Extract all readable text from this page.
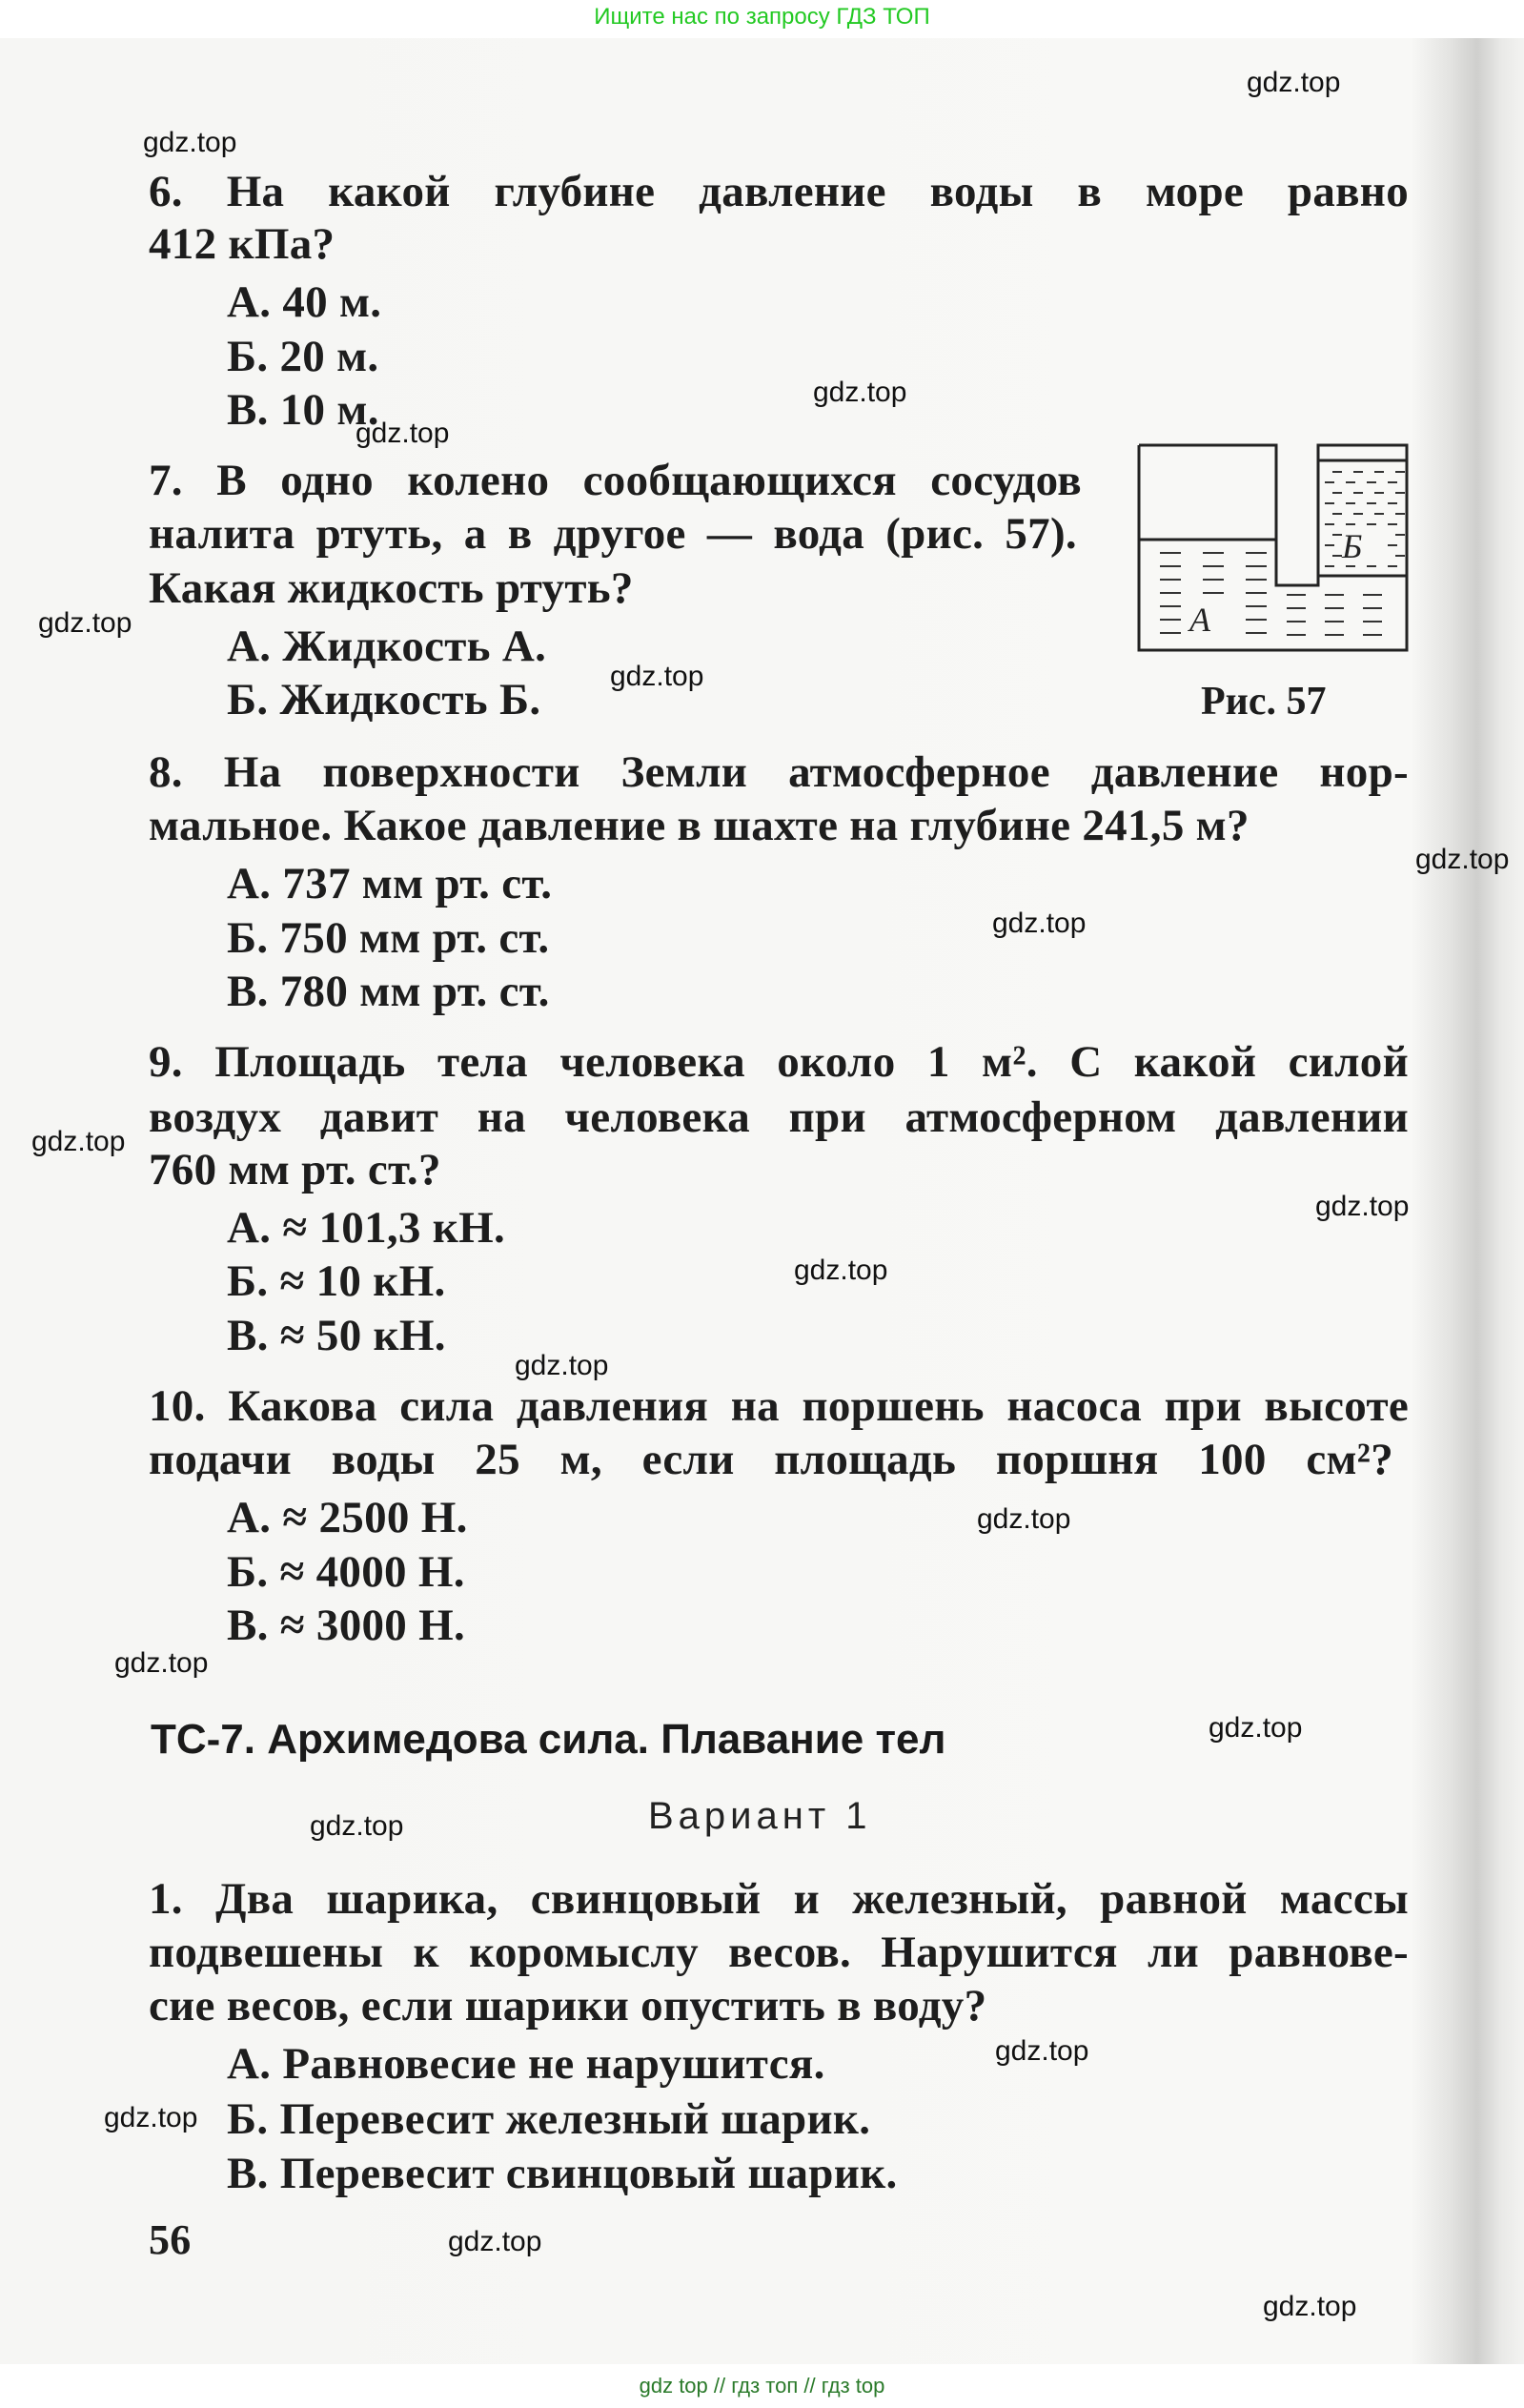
Ищите нас по запросу ГДЗ ТОП
6. На какой глубине давление воды в море равно
412 кПа?
А. 40 м.
Б. 20 м.
В. 10 м.
7. В одно колено сообщающихся сосудов
налита ртуть, а в другое — вода (рис. 57).
Какая жидкость ртуть?
А. Жидкость А.
Б. Жидкость Б.
8. На поверхности Земли атмосферное давление нор-
мальное. Какое давление в шахте на глубине 241,5 м?
А. 737 мм рт. ст.
Б. 750 мм рт. ст.
В. 780 мм рт. ст.
9. Площадь тела человека около 1 м². С какой силой
воздух давит на человека при атмосферном давлении
760 мм рт. ст.?
А. ≈ 101,3 кН.
Б. ≈ 10 кН.
В. ≈ 50 кН.
10. Какова сила давления на поршень насоса при высоте
подачи воды 25 м, если площадь поршня 100 см²?
А. ≈ 2500 Н.
Б. ≈ 4000 Н.
В. ≈ 3000 Н.
1. Два шарика, свинцовый и железный, равной массы
подвешены к коромыслу весов. Нарушится ли равнове-
сие весов, если шарики опустить в воду?
А. Равновесие не нарушится.
Б. Перевесит железный шарик.
В. Перевесит свинцовый шарик.
gdz.top
gdz.top
gdz.top
gdz.top
gdz.top
gdz.top
gdz.top
gdz.top
gdz.top
gdz.top
gdz.top
gdz.top
gdz.top
gdz.top
gdz.top
gdz.top
gdz.top
gdz.top
gdz.top
gdz.top
А
Б
Рис. 57
ТС-7. Архимедова сила. Плавание тел
Вариант 1
56
gdz top // гдз топ // гдз top
